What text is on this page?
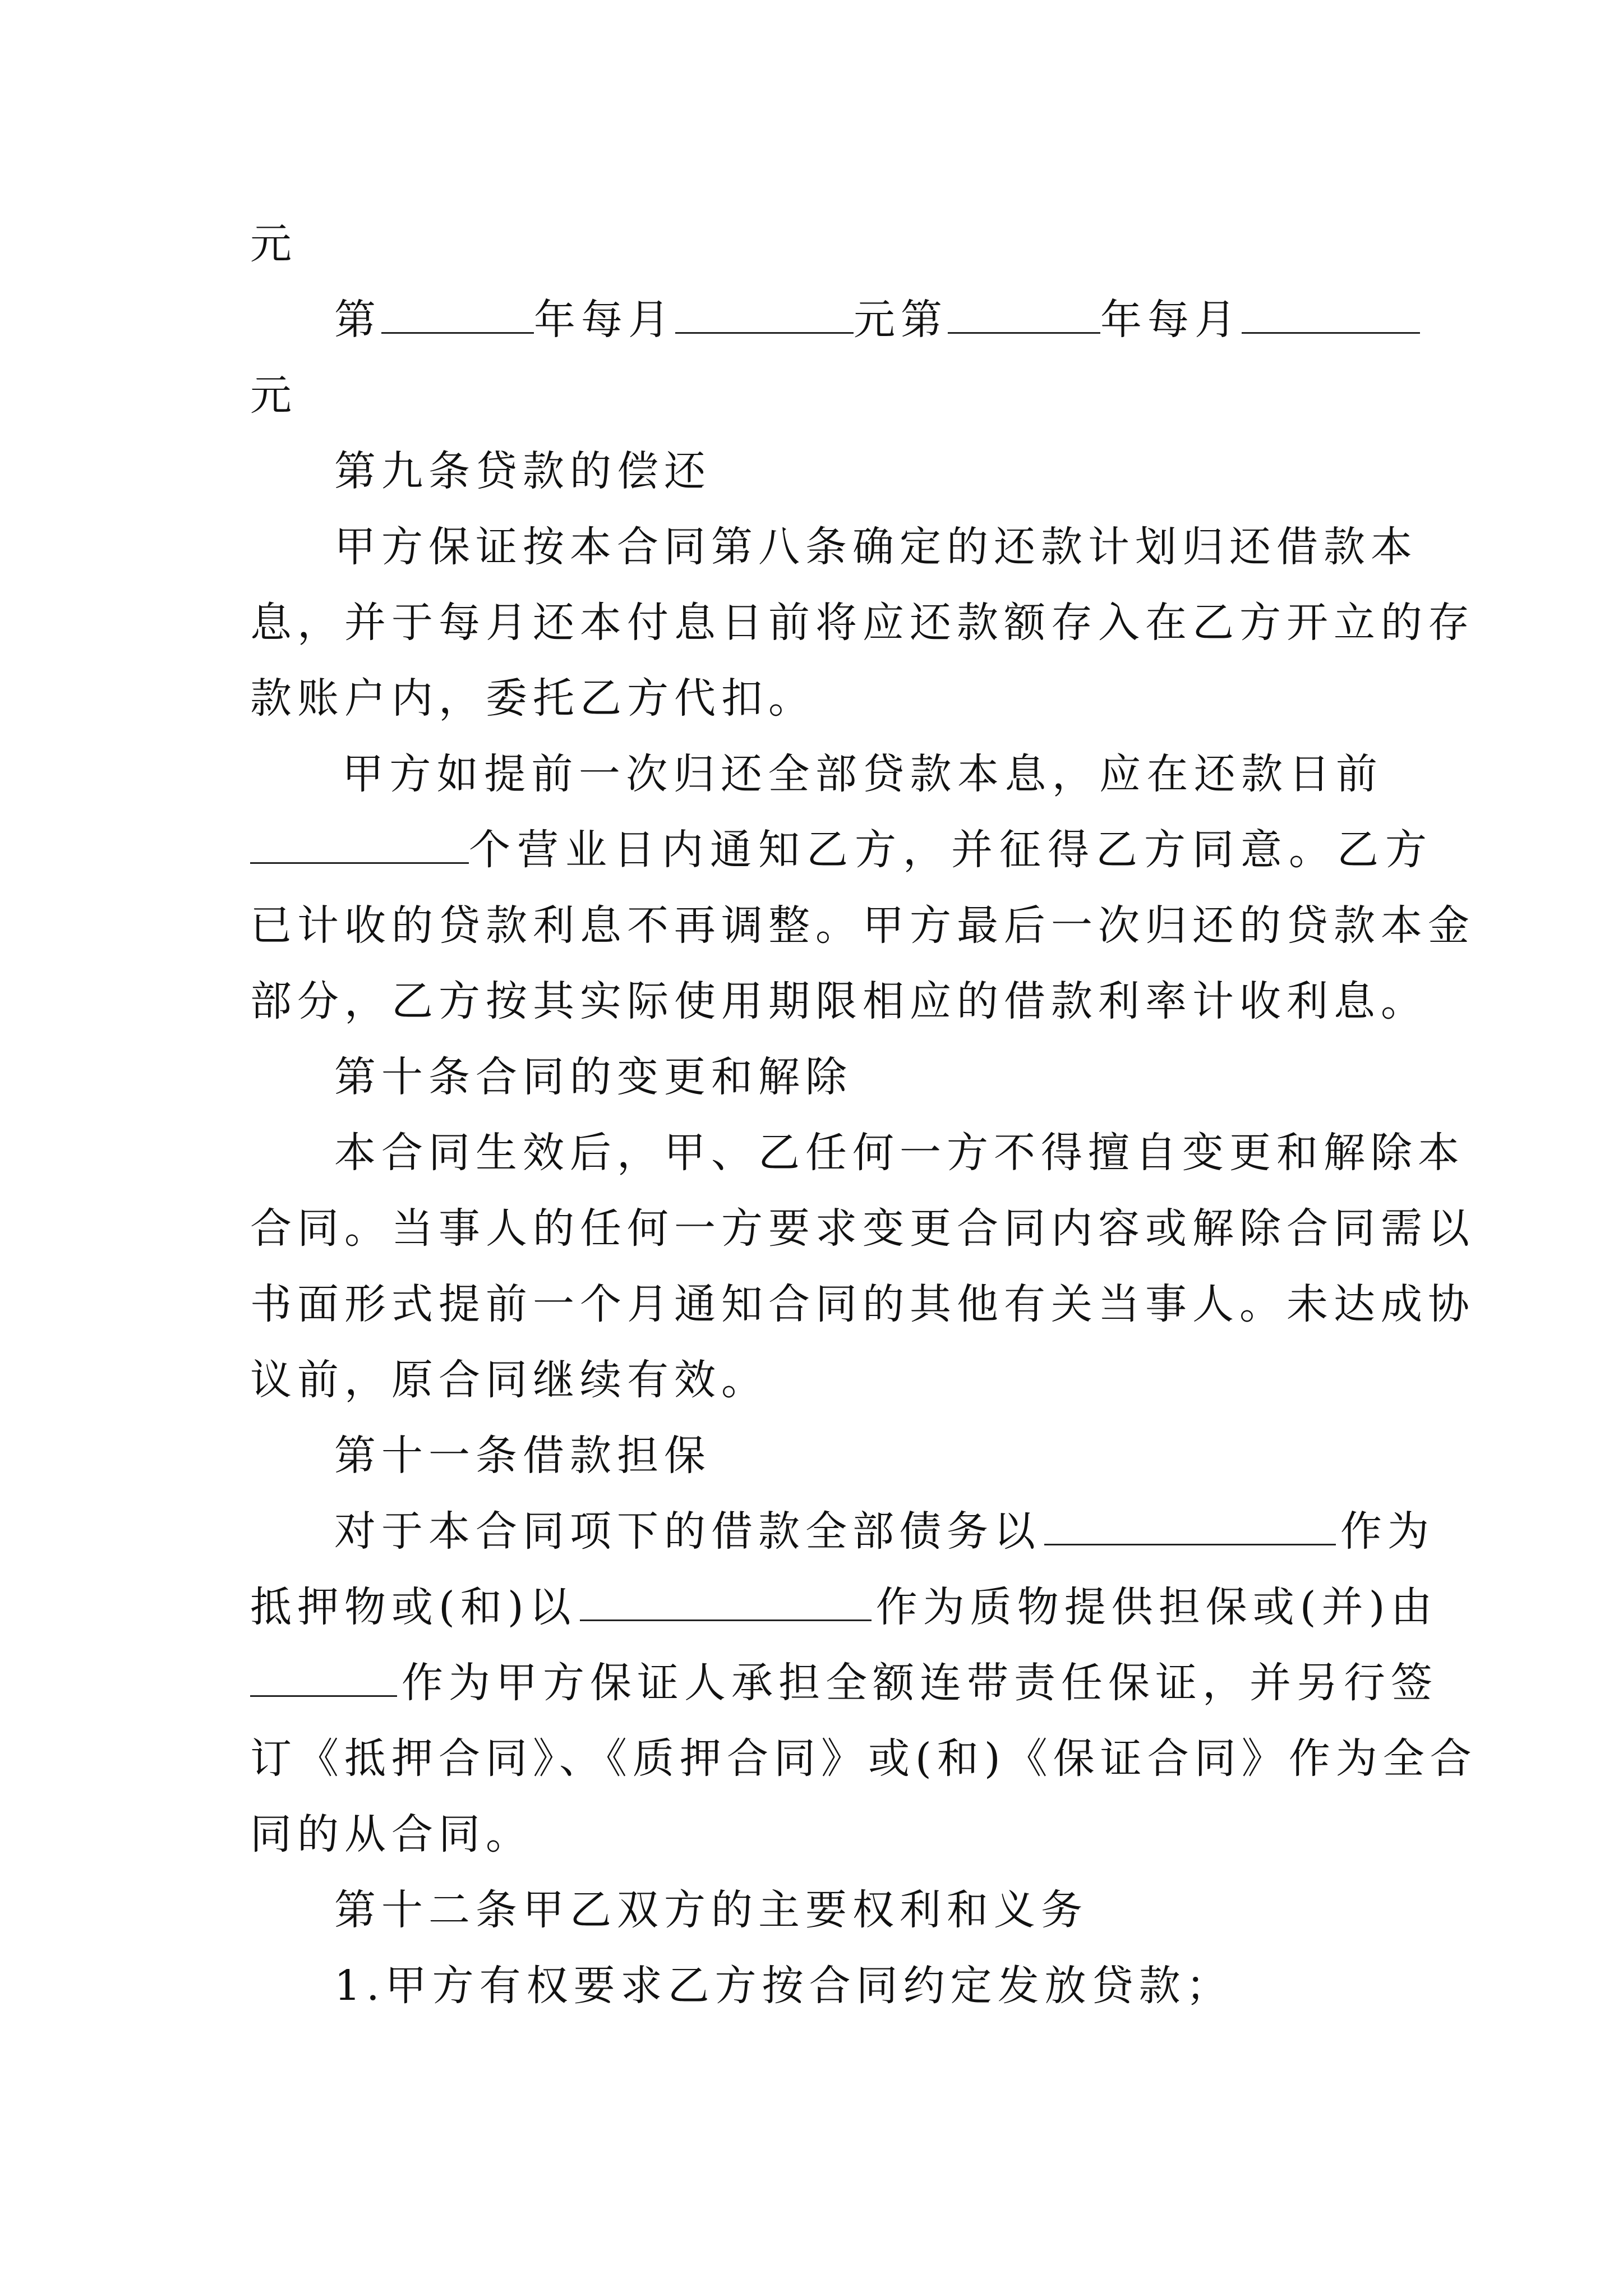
元
第	年每月	元第	年每月
元
第九条贷款的偿还
甲方保证按本合同第八条确定的还款计划归还借款本
息，并于每月还本付息日前将应还款额存入在乙方开立的存
款账户内，委托乙方代扣。
甲方如提前一次归还全部贷款本息，应在还款日前
个营业日内通知乙方，并征得乙方同意。乙方
已计收的贷款利息不再调整。甲方最后一次归还的贷款本金
部分，乙方按其实际使用期限相应的借款利率计收利息。
第十条合同的变更和解除
本合同生效后，甲、乙任何一方不得擅自变更和解除本
合同。当事人的任何一方要求变更合同内容或解除合同需以
书面形式提前一个月通知合同的其他有关当事人。未达成协
议前，原合同继续有效。
第十一条借款担保
对于本合同项下的借款全部债务以	作为
抵押物或(和)以	作为质物提供担保或(并)由
作为甲方保证人承担全额连带责任保证，并另行签
订《抵押合同》、《质押合同》或(和)《保证合同》作为全合
同的从合同。
第十二条甲乙双方的主要权利和义务
1.甲方有权要求乙方按合同约定发放贷款；
